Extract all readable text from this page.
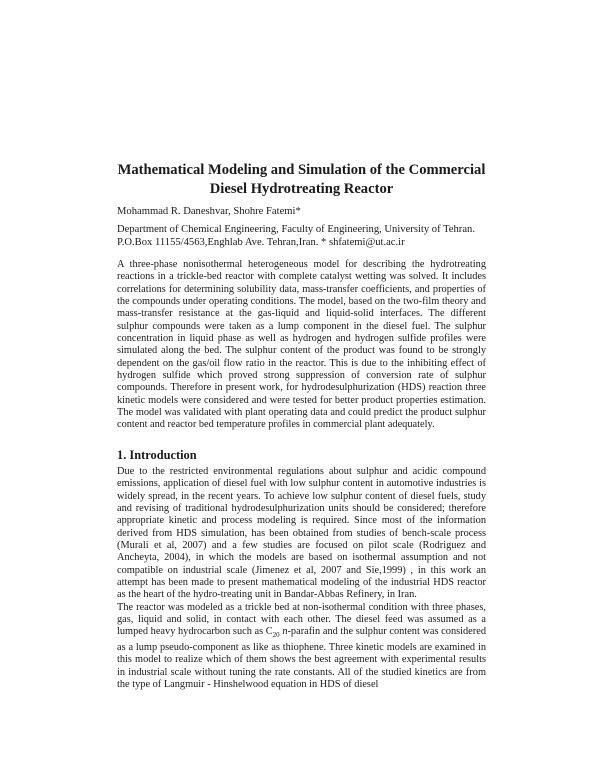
Mathematical Modeling and Simulation of the Commercial
Diesel Hydrotreating Reactor
Mohammad R. Daneshvar, Shohre Fatemi*
Department of Chemical Engineering, Faculty of Engineering, University of Tehran.
P.O.Box 11155/4563,Enghlab Ave. Tehran,Iran. * shfatemi@ut.ac.ir
A three-phase nonisothermal heterogeneous model for describing the hydrotreating reactions in a trickle-bed reactor with complete catalyst wetting was solved. It includes correlations for determining solubility data, mass-transfer coefficients, and properties of the compounds under operating conditions. The model, based on the two-film theory and mass-transfer resistance at the gas-liquid and liquid-solid interfaces. The different sulphur compounds were taken as a lump component in the diesel fuel. The sulphur concentration in liquid phase as well as hydrogen and hydrogen sulfide profiles were simulated along the bed. The sulphur content of the product was found to be strongly dependent on the gas/oil flow ratio in the reactor. This is due to the inhibiting effect of hydrogen sulfide which proved strong suppression of conversion rate of sulphur compounds. Therefore in present work, for hydrodesulphurization (HDS) reaction three kinetic models were considered and were tested for better product properties estimation. The model was validated with plant operating data and could predict the product sulphur content and reactor bed temperature profiles in commercial plant adequately.
1. Introduction

Due to the restricted environmental regulations about sulphur and acidic compound emissions, application of diesel fuel with low sulphur content in automotive industries is widely spread, in the recent years. To achieve low sulphur content of diesel fuels, study and revising of traditional hydrodesulphurization units should be considered; therefore appropriate kinetic and process modeling is required. Since most of the information derived from HDS simulation, has been obtained from studies of bench-scale process (Murali et al, 2007) and a few studies are focused on pilot scale (Rodriguez and Ancheyta, 2004), in which the models are based on isothermal assumption and not compatible on industrial scale (Jimenez et al, 2007 and Sie,1999) , in this work an attempt has been made to present mathematical modeling of the industrial HDS reactor as the heart of the hydro-treating unit in Bandar-Abbas Refinery, in Iran.

The reactor was modeled as a trickle bed at non-isothermal condition with three phases, gas, liquid and solid, in contact with each other. The diesel feed was assumed as a lumped heavy hydrocarbon such as $C_{20}$ n-parafin and the sulphur content was considered as a lump pseudo-component as like as thiophene. Three kinetic models are examined in this model to realize which of them shows the best agreement with experimental results in industrial scale without tuning the rate constants. All of the studied kinetics are from the type of Langmuir - Hinshelwood equation in HDS of diesel
